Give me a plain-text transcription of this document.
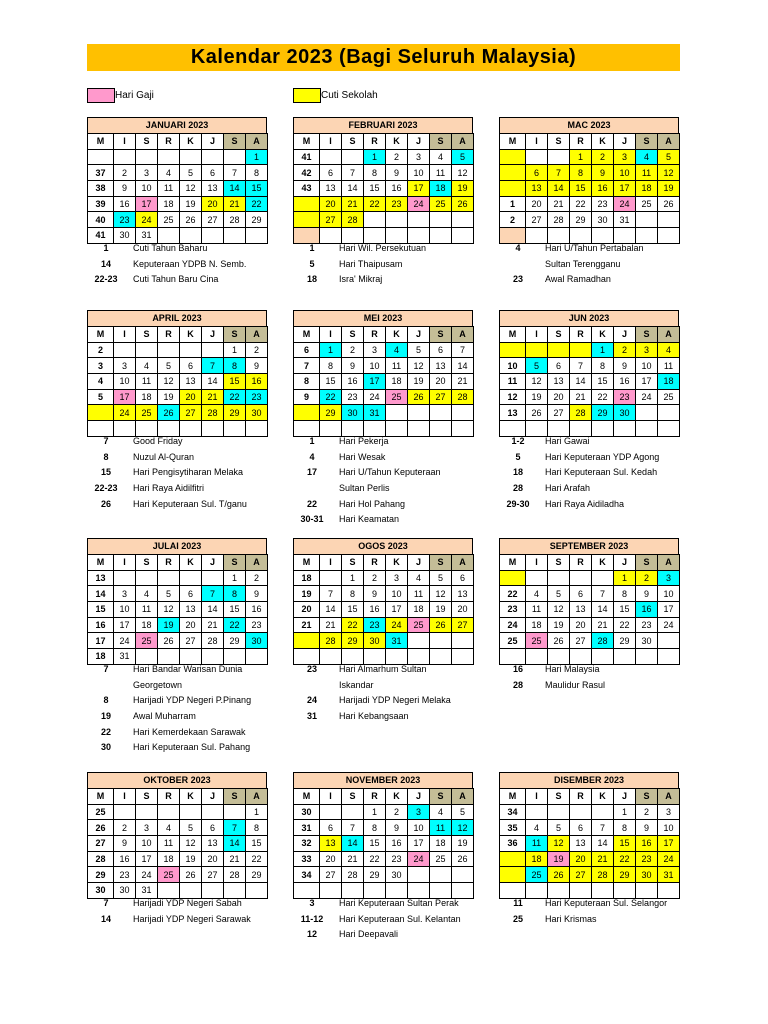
Kalendar 2023 (Bagi Seluruh Malaysia)
Hari Gaji	Cuti Sekolah
JANUARI 2023
M	I	S	R	K	J	S	A
							1
37	2	3	4	5	6	7	8
38	9	10	11	12	13	14	15
39	16	17	18	19	20	21	22
40	23	24	25	26	27	28	29
41	30	31					
1	Cuti Tahun Baharu
14	Keputeraan YDPB N. Semb.
22-23	Cuti Tahun Baru Cina
FEBRUARI 2023
M	I	S	R	K	J	S	A
41			1	2	3	4	5
42	6	7	8	9	10	11	12
43	13	14	15	16	17	18	19
	20	21	22	23	24	25	26
	27	28					

1	Hari Wil. Persekutuan
5	Hari Thaipusam
18	Isra' Mikraj
MAC 2023
M	I	S	R	K	J	S	A
			1	2	3	4	5
	6	7	8	9	10	11	12
	13	14	15	16	17	18	19
1	20	21	22	23	24	25	26
2	27	28	29	30	31		

4	Hari U/Tahun Pertabalan
Sultan Terengganu
23	Awal Ramadhan
APRIL 2023
M	I	S	R	K	J	S	A
2						1	2
3	3	4	5	6	7	8	9
4	10	11	12	13	14	15	16
5	17	18	19	20	21	22	23
	24	25	26	27	28	29	30

7	Good Friday
8	Nuzul Al-Quran
15	Hari Pengisytiharan Melaka
22-23	Hari Raya Aidilfitri
26	Hari Keputeraan Sul. T/ganu
MEI 2023
M	I	S	R	K	J	S	A
6	1	2	3	4	5	6	7
7	8	9	10	11	12	13	14
8	15	16	17	18	19	20	21
9	22	23	24	25	26	27	28
	29	30	31				

1	Hari Pekerja
4	Hari Wesak
17	Hari U/Tahun Keputeraan
Sultan Perlis
22	Hari Hol Pahang
30-31	Hari Keamatan
JUN 2023
M	I	S	R	K	J	S	A
				1	2	3	4
10	5	6	7	8	9	10	11
11	12	13	14	15	16	17	18
12	19	20	21	22	23	24	25
13	26	27	28	29	30		

1-2	Hari Gawai
5	Hari Keputeraan YDP Agong
18	Hari Keputeraan Sul. Kedah
28	Hari Arafah
29-30	Hari Raya Aidiladha
JULAI 2023
M	I	S	R	K	J	S	A
13						1	2
14	3	4	5	6	7	8	9
15	10	11	12	13	14	15	16
16	17	18	19	20	21	22	23
17	24	25	26	27	28	29	30
18	31						
7	Hari Bandar Warisan Dunia
Georgetown
8	Harijadi YDP Negeri P.Pinang
19	Awal Muharram
22	Hari Kemerdekaan Sarawak
30	Hari Keputeraan Sul. Pahang
OGOS 2023
M	I	S	R	K	J	S	A
18		1	2	3	4	5	6
19	7	8	9	10	11	12	13
20	14	15	16	17	18	19	20
21	21	22	23	24	25	26	27
	28	29	30	31			

23	Hari Almarhum Sultan
Iskandar
24	Harijadi YDP Negeri Melaka
31	Hari Kebangsaan
SEPTEMBER 2023
M	I	S	R	K	J	S	A
					1	2	3
22	4	5	6	7	8	9	10
23	11	12	13	14	15	16	17
24	18	19	20	21	22	23	24
25	25	26	27	28	29	30	

16	Hari Malaysia
28	Maulidur Rasul
OKTOBER 2023
M	I	S	R	K	J	S	A
25							1
26	2	3	4	5	6	7	8
27	9	10	11	12	13	14	15
28	16	17	18	19	20	21	22
29	23	24	25	26	27	28	29
30	30	31					
7	Harijadi YDP Negeri Sabah
14	Harijadi YDP Negeri Sarawak
NOVEMBER 2023
M	I	S	R	K	J	S	A
30			1	2	3	4	5
31	6	7	8	9	10	11	12
32	13	14	15	16	17	18	19
33	20	21	22	23	24	25	26
34	27	28	29	30			

3	Hari Keputeraan Sultan Perak
11-12	Hari Keputeraan Sul. Kelantan
12	Hari Deepavali
DISEMBER 2023
M	I	S	R	K	J	S	A
34					1	2	3
35	4	5	6	7	8	9	10
36	11	12	13	14	15	16	17
	18	19	20	21	22	23	24
	25	26	27	28	29	30	31

11	Hari Keputeraan Sul. Selangor
25	Hari Krismas
